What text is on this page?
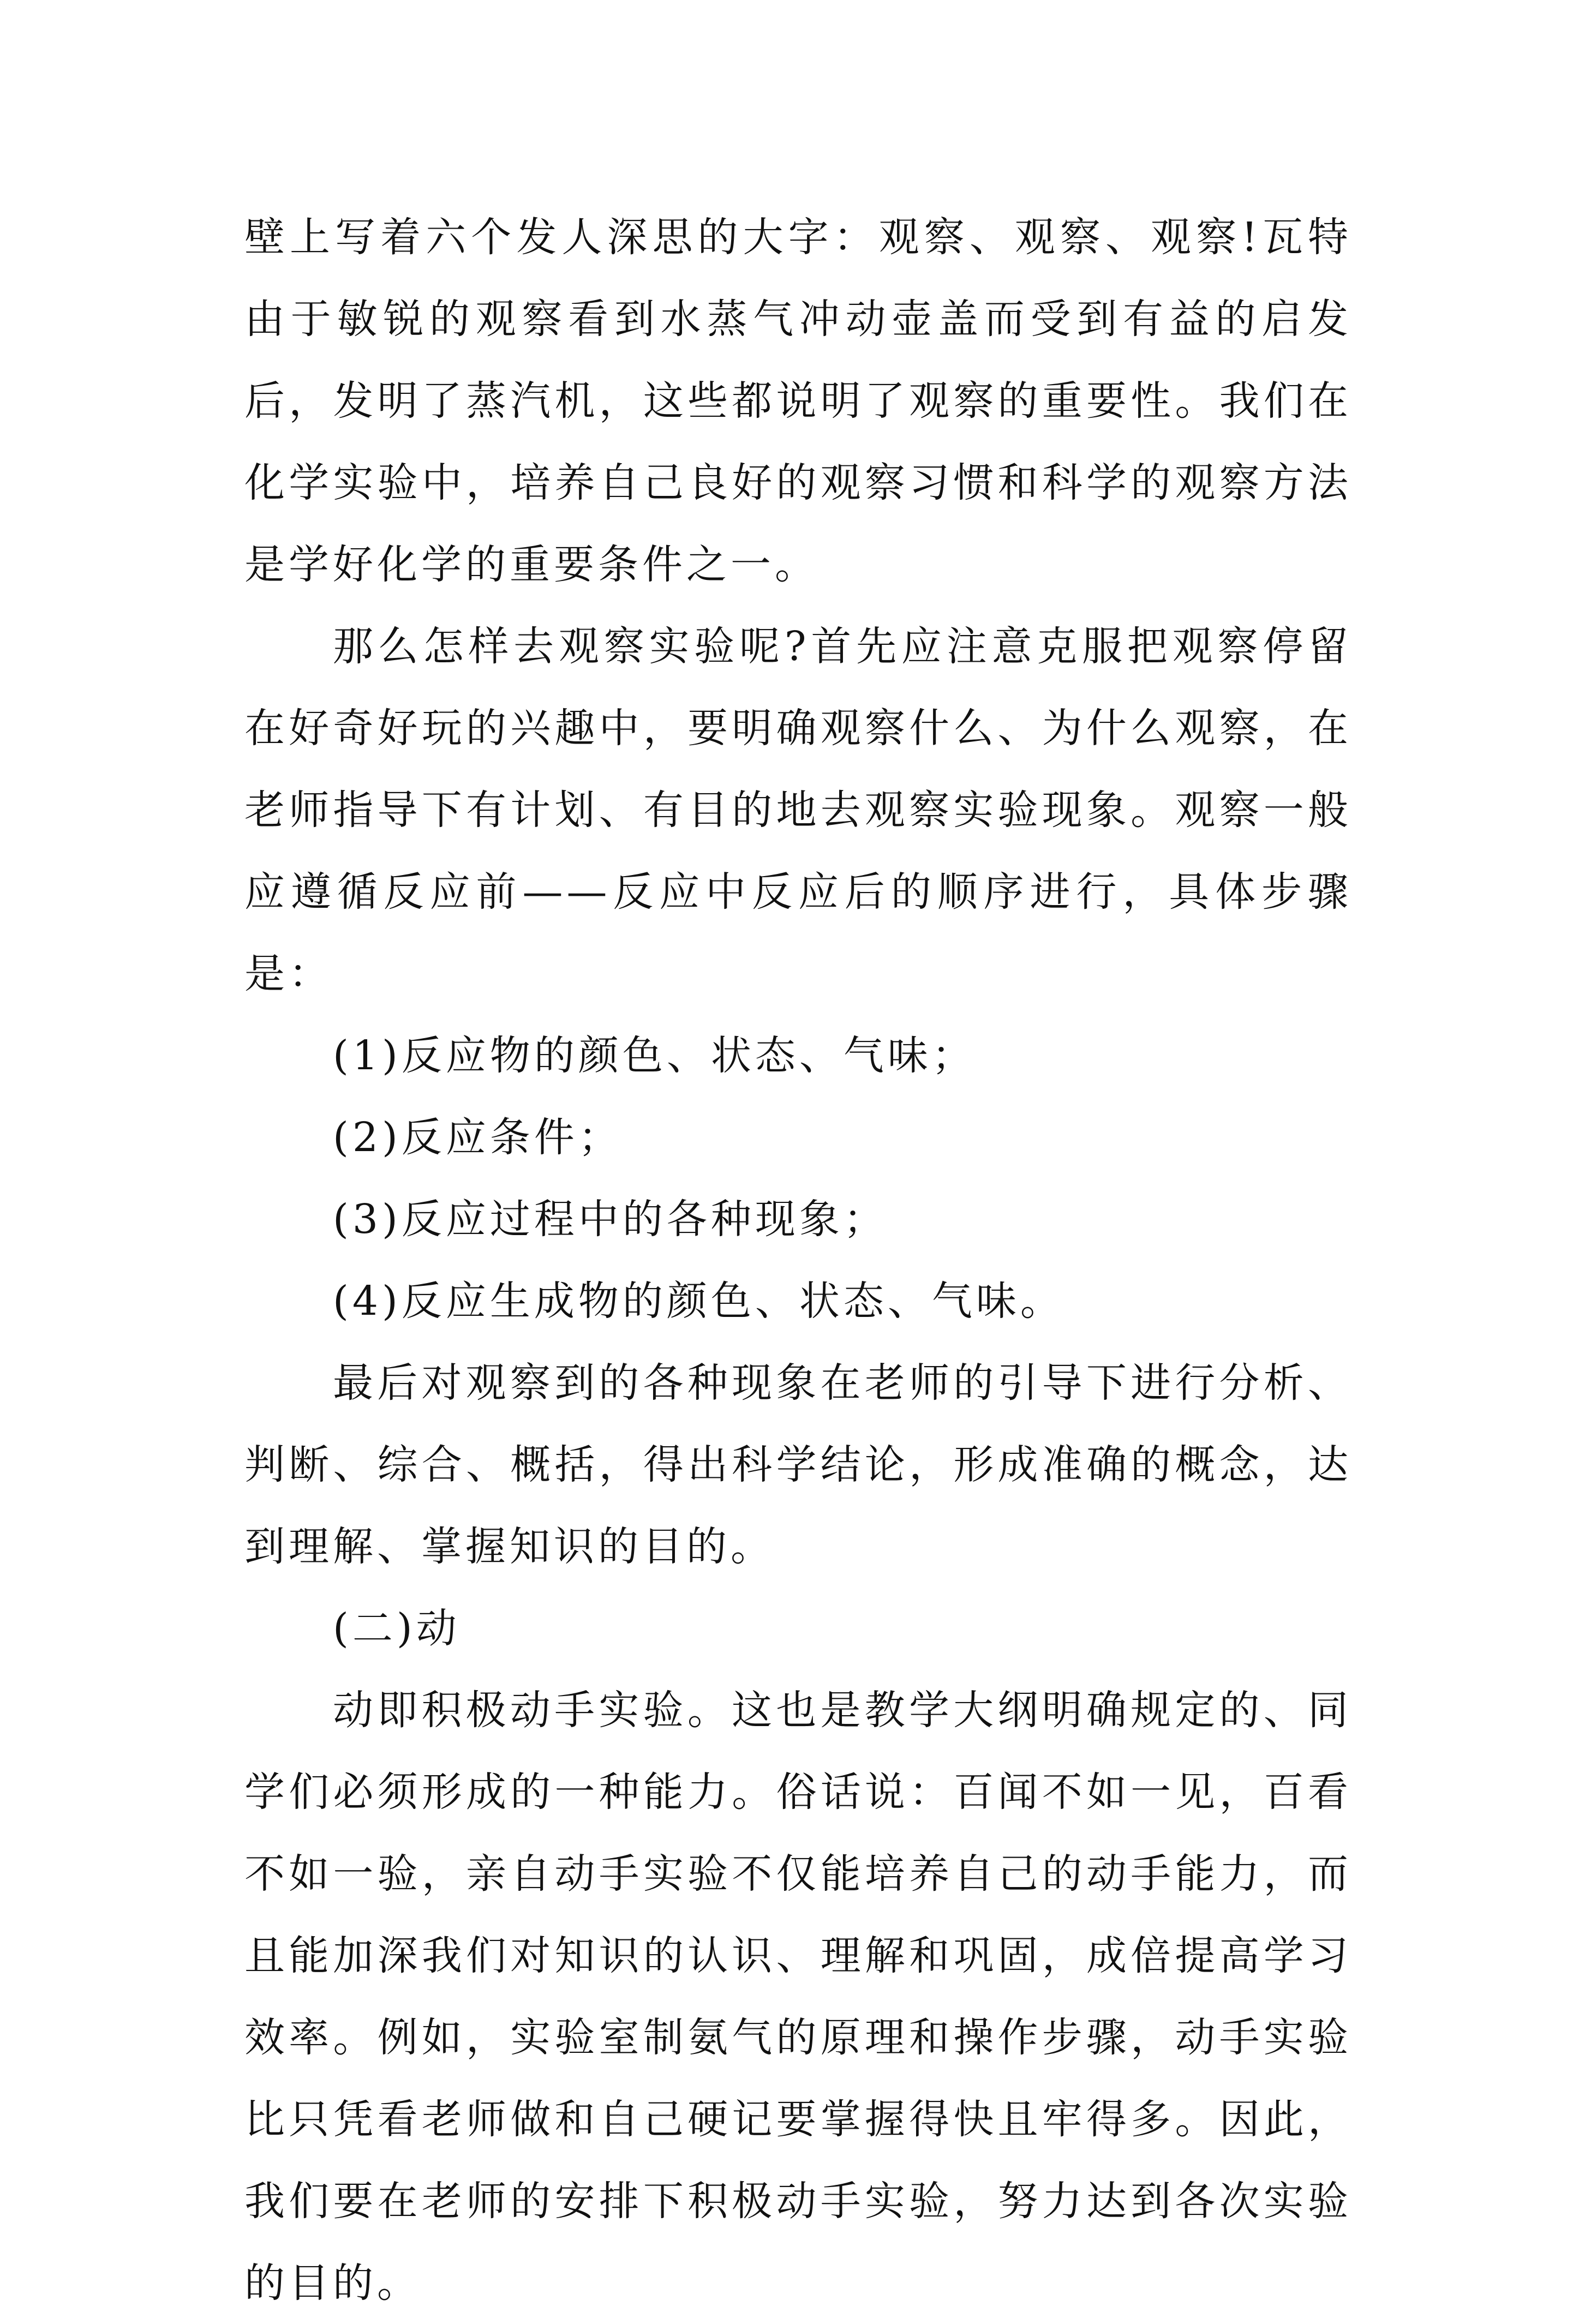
壁上写着六个发人深思的大字：观察、观察、观察!瓦特由于敏锐的观察看到水蒸气冲动壶盖而受到有益的启发后，发明了蒸汽机，这些都说明了观察的重要性。我们在化学实验中，培养自己良好的观察习惯和科学的观察方法是学好化学的重要条件之一。

那么怎样去观察实验呢?首先应注意克服把观察停留在好奇好玩的兴趣中，要明确观察什么、为什么观察，在老师指导下有计划、有目的地去观察实验现象。观察一般应遵循反应前——反应中反应后的顺序进行，具体步骤是：

(1)反应物的颜色、状态、气味；

(2)反应条件；

(3)反应过程中的各种现象；

(4)反应生成物的颜色、状态、气味。

最后对观察到的各种现象在老师的引导下进行分析、判断、综合、概括，得出科学结论，形成准确的概念，达到理解、掌握知识的目的。

(二)动

动即积极动手实验。这也是教学大纲明确规定的、同学们必须形成的一种能力。俗话说：百闻不如一见，百看不如一验，亲自动手实验不仅能培养自己的动手能力，而且能加深我们对知识的认识、理解和巩固，成倍提高学习效率。例如，实验室制氨气的原理和操作步骤，动手实验比只凭看老师做和自己硬记要掌握得快且牢得多。因此，我们要在老师的安排下积极动手实验，努力达到各次实验的目的。
